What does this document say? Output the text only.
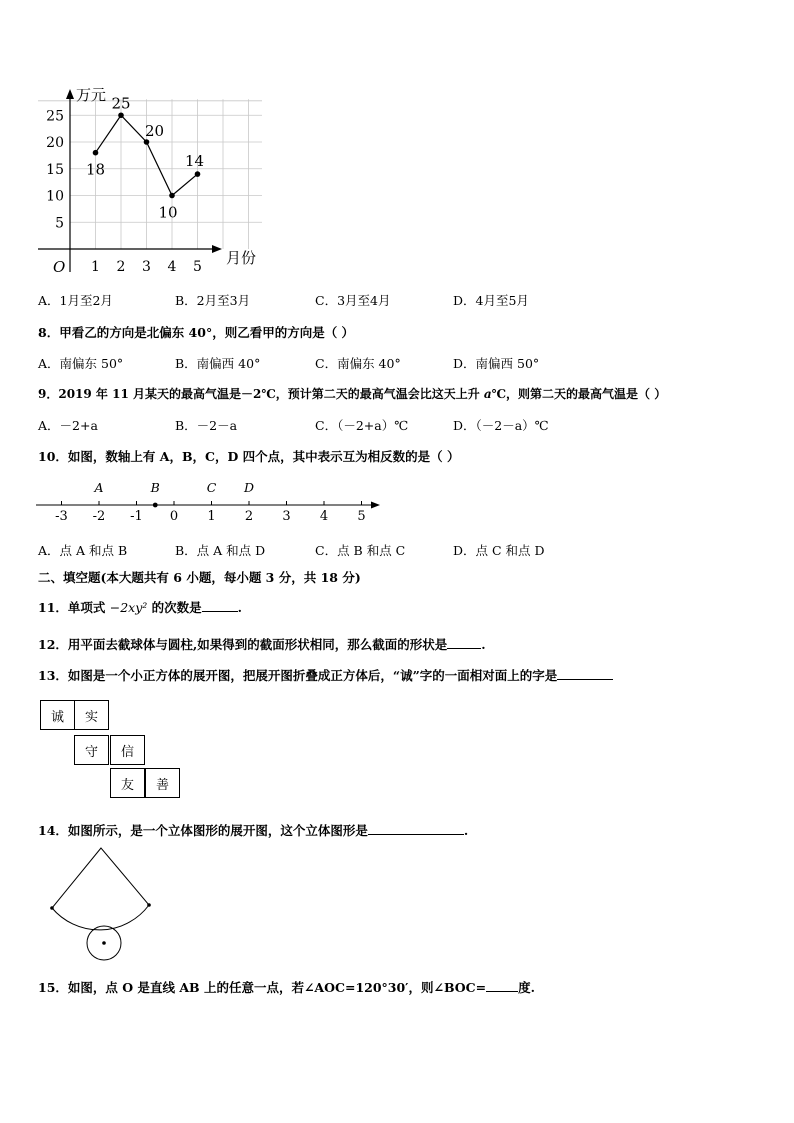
万元
月份
O
5
10
15
20
25
1 2 3 4 5
18
25
20
10
14
A．1月至2月	B．2月至3月	C．3月至4月	D．4月至5月
8．甲看乙的方向是北偏东 40°，则乙看甲的方向是（ ）
A．南偏东 50°	B．南偏西 40°	C．南偏东 40°	D．南偏西 50°
9．2019 年 11 月某天的最高气温是－2℃，预计第二天的最高气温会比这天上升 a℃，则第二天的最高气温是（ ）
A．－2+a	B．－2－a	C．（－2+a）℃	D．（－2－a）℃
10．如图，数轴上有 A，B，C，D 四个点，其中表示互为相反数的是（ ）
-3 -2 -1 0 1 2 3 4 5
A	B	C D
A．点 A 和点 B	B．点 A 和点 D	C．点 B 和点 C	D．点 C 和点 D
二、填空题(本大题共有 6 小题，每小题 3 分，共 18 分)
11．单项式 −2xy² 的次数是	.
12．用平面去截球体与圆柱,如果得到的截面形状相同，那么截面的形状是	.
13．如图是一个小正方体的展开图，把展开图折叠成正方体后，“诚”字的一面相对面上的字是
诚	实
守	信
友	善
14．如图所示，是一个立体图形的展开图，这个立体图形是	.
15．如图，点 O 是直线 AB 上的任意一点，若∠AOC=120°30′，则∠BOC=	度.
